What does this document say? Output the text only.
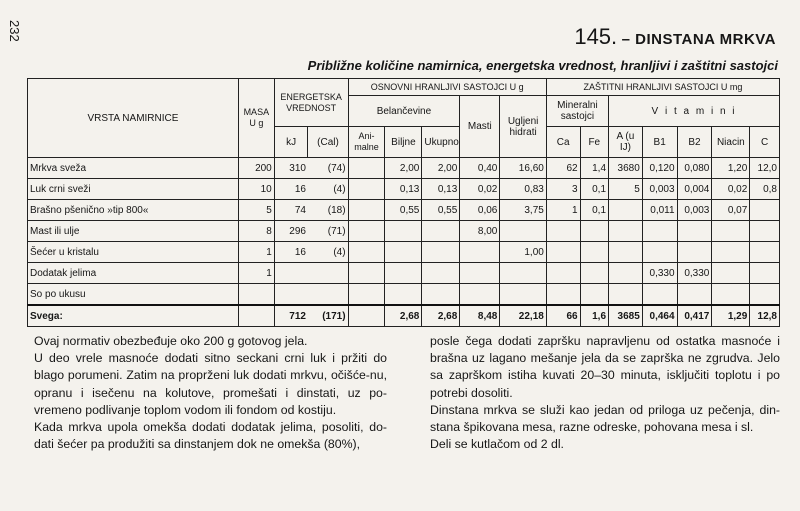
232	145. – DINSTANA MRKVA
Približne količine namirnica, energetska vrednost, hranljivi i zaštitni sastojci
VRSTA NAMIRNICE	MASA U g	ENERGETSKA VREDNOST		OSNOVNI HRANLJIVI SASTOJCI U g					ZAŠTITNI HRANLJIVI SASTOJCI U mg						
				Belančevine			Masti	Ugljeni hidrati	Mineralni sastojci		V i t a m i n i				
		kJ	(Cal)	Ani-malne	Biljne	Ukupno			Ca	Fe	A (u IJ)	B1	B2	Niacin	C
Mrkva sveža	200	310	(74)		2,00	2,00	0,40	16,60	62	1,4	3680	0,120	0,080	1,20	12,0
Luk crni sveži	10	16	(4)		0,13	0,13	0,02	0,83	3	0,1	5	0,003	0,004	0,02	0,8
Brašno pšenično »tip 800«	5	74	(18)		0,55	0,55	0,06	3,75	1	0,1		0,011	0,003	0,07	
Mast ili ulje	8	296	(71)				8,00								
Šećer u kristalu	1	16	(4)					1,00							
Dodatak jelima	1											0,330	0,330		
So po ukusu															
Svega:		712	(171)		2,68	2,68	8,48	22,18	66	1,6	3685	0,464	0,417	1,29	12,8

Ovaj normativ obezbeđuje oko 200 g gotovog jela.

U deo vrele masnoće dodati sitno seckani crni luk i pržiti do blago porumeni. Zatim na proprženi luk dodati mrkvu, očišće-nu, opranu i isečenu na kolutove, promešati i dinstati, uz po-vremeno podlivanje toplom vodom ili fondom od kostiju.

Kada mrkva upola omekša dodati dodatak jelima, posoliti, do-dati šećer pa produžiti sa dinstanjem dok ne omekša (80%),

posle čega dodati zapršku napravljenu od ostatka masnoće i brašna uz lagano mešanje jela da se zaprška ne zgrudva. Jelo sa zaprškom istiha kuvati 20–30 minuta, isključiti toplotu i po potrebi dosoliti.

Dinstana mrkva se služi kao jedan od priloga uz pečenja, din-stana špikovana mesa, razne odreske, pohovana mesa i sl.

Deli se kutlačom od 2 dl.
